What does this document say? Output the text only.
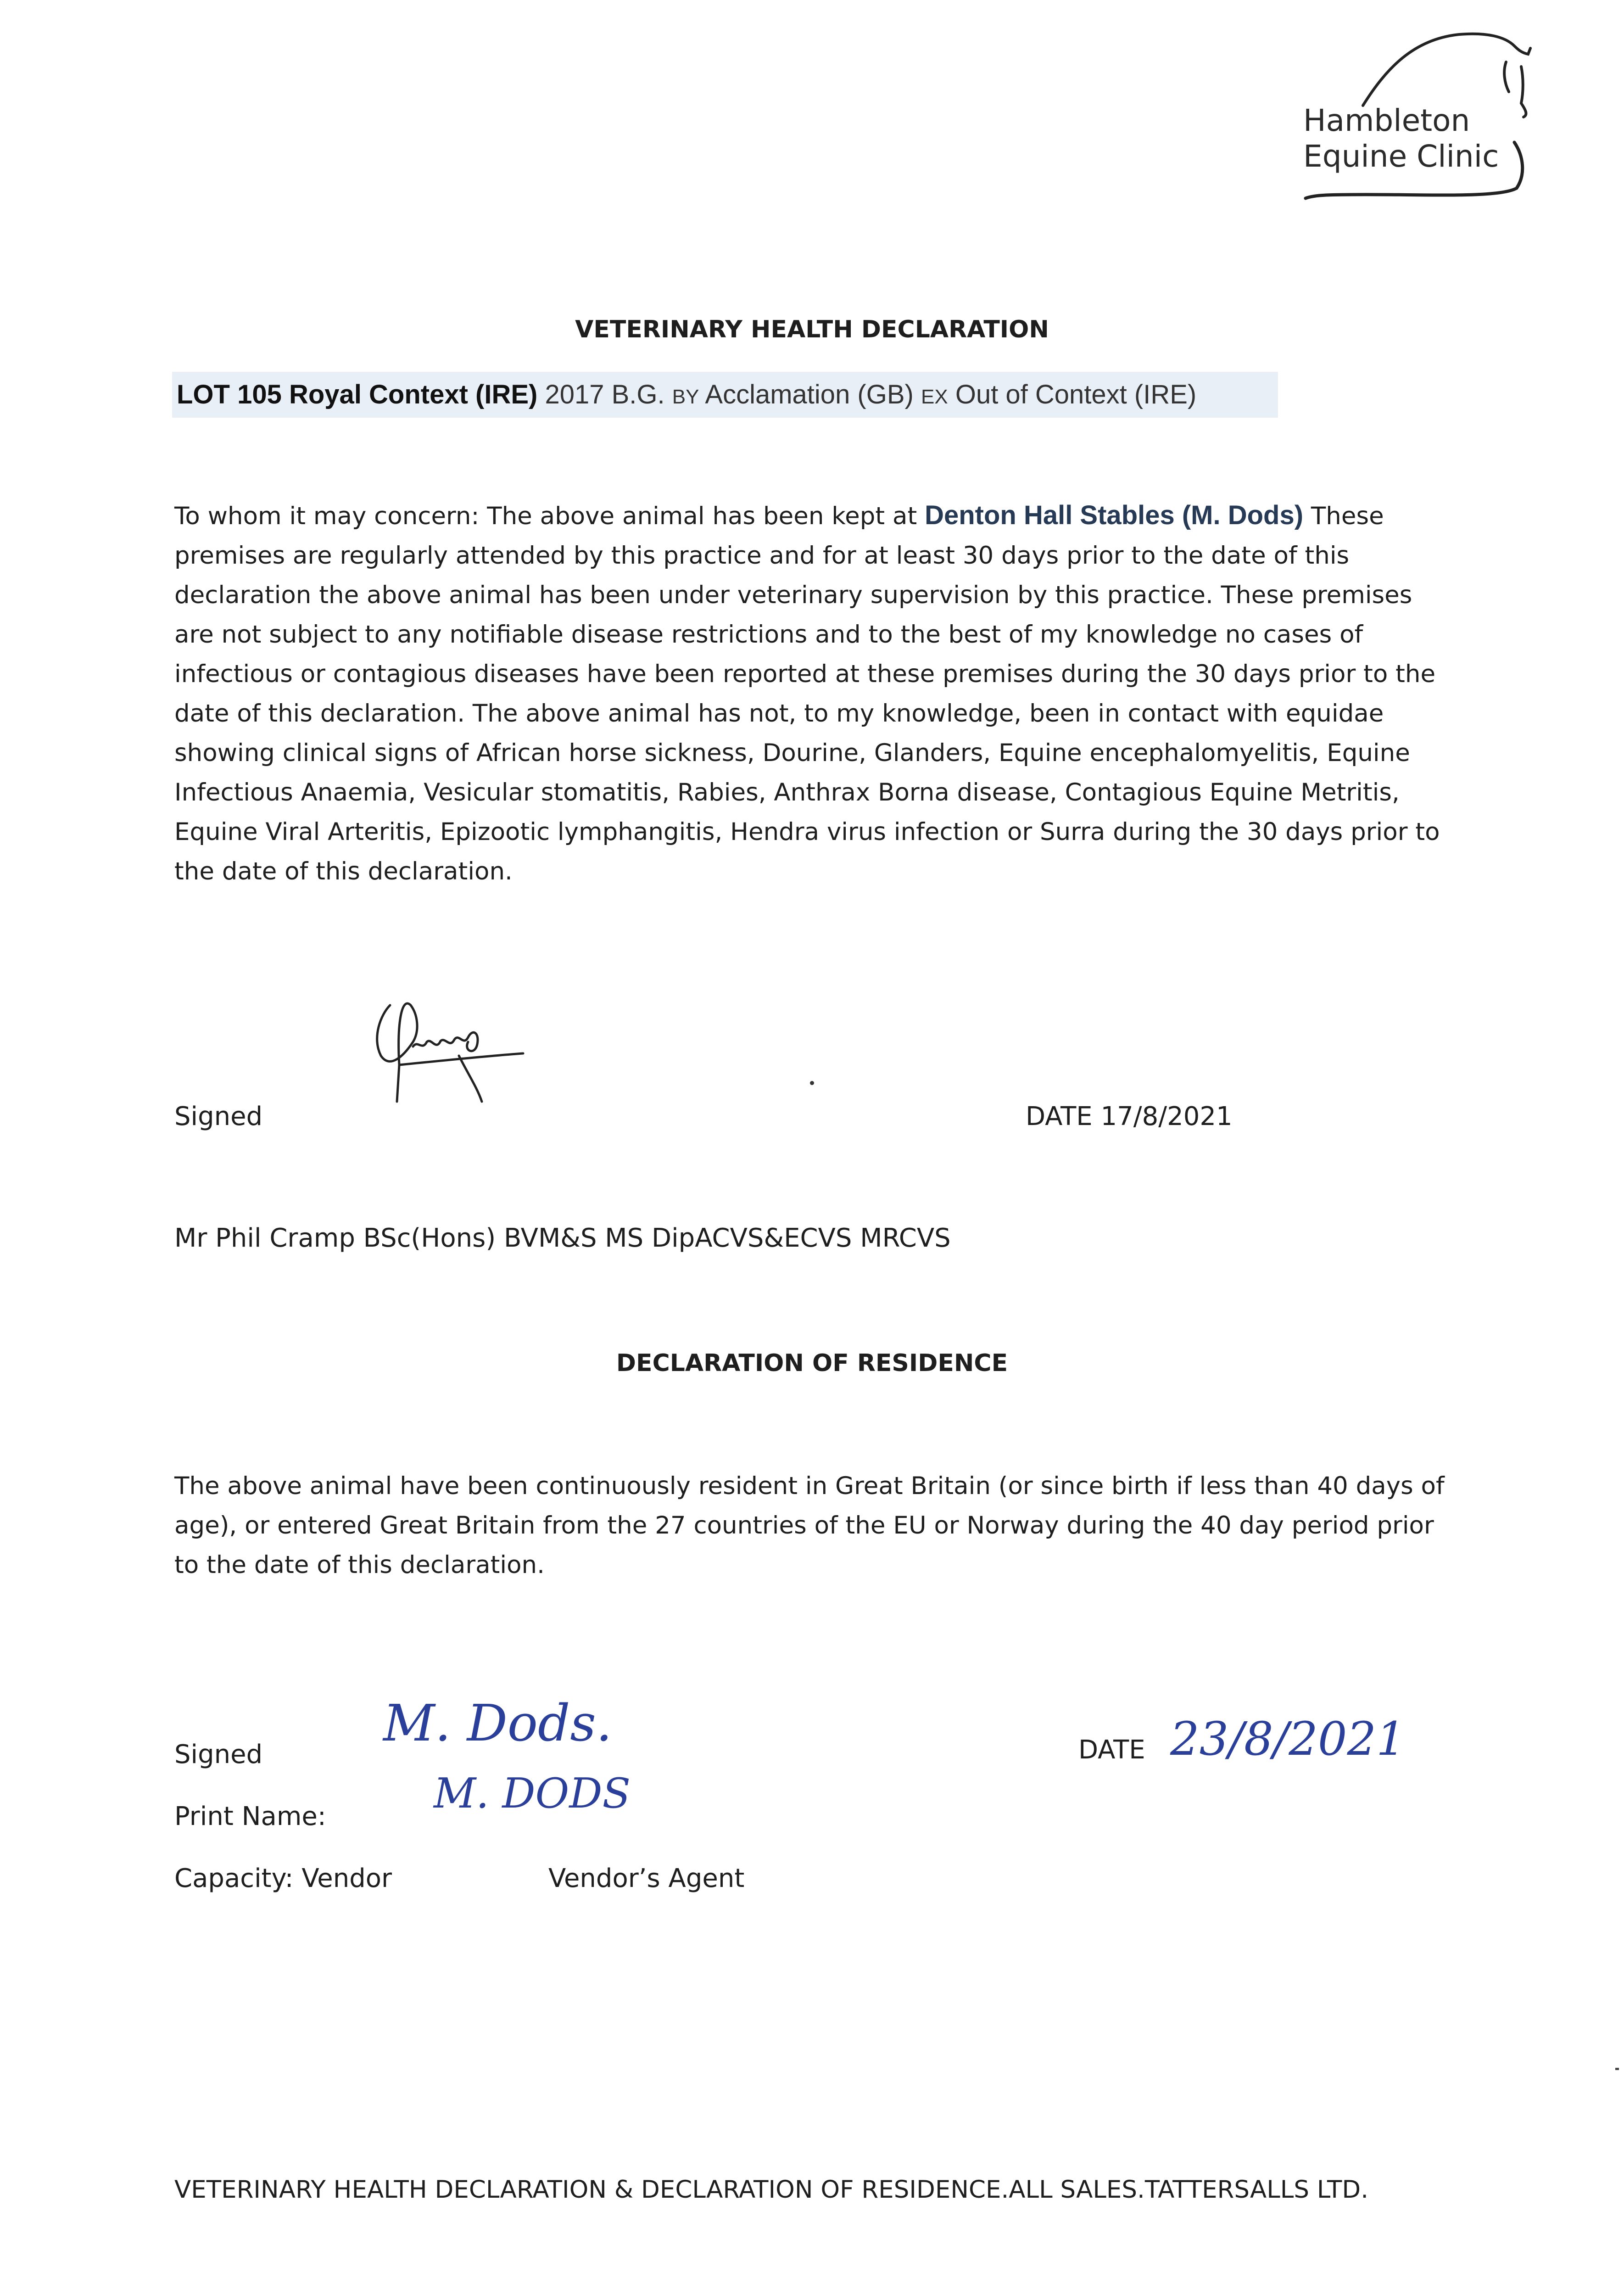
Hambleton
Equine Clinic
VETERINARY HEALTH DECLARATION
LOT 105 Royal Context (IRE) 2017 B.G. BY Acclamation (GB) EX Out of Context (IRE)
To whom it may concern: The above animal has been kept at Denton Hall Stables (M. Dods) These premises are regularly attended by this practice and for at least 30 days prior to the date of this declaration the above animal has been under veterinary supervision by this practice. These premises are not subject to any notifiable disease restrictions and to the best of my knowledge no cases of infectious or contagious diseases have been reported at these premises during the 30 days prior to the date of this declaration. The above animal has not, to my knowledge, been in contact with equidae showing clinical signs of African horse sickness, Dourine, Glanders, Equine encephalomyelitis, Equine Infectious Anaemia, Vesicular stomatitis, Rabies, Anthrax Borna disease, Contagious Equine Metritis, Equine Viral Arteritis, Epizootic lymphangitis, Hendra virus infection or Surra during the 30 days prior to the date of this declaration.
Signed	DATE 17/8/2021
Mr Phil Cramp BSc(Hons) BVM&S MS DipACVS&ECVS MRCVS
DECLARATION OF RESIDENCE
The above animal have been continuously resident in Great Britain (or since birth if less than 40 days of age), or entered Great Britain from the 27 countries of the EU or Norway during the 40 day period prior to the date of this declaration.
Signed
M. Dods.	DATE 23/8/2021
Print Name:	M. DODS
Capacity: Vendor	Vendor’s Agent
VETERINARY HEALTH DECLARATION & DECLARATION OF RESIDENCE.ALL SALES.TATTERSALLS LTD.
